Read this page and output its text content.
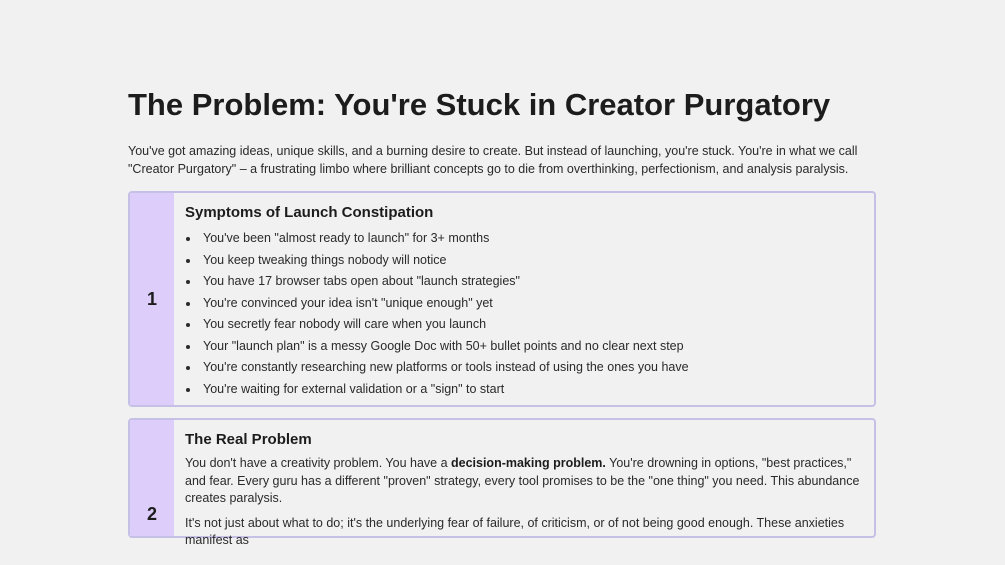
The Problem: You're Stuck in Creator Purgatory

You've got amazing ideas, unique skills, and a burning desire to create. But instead of launching, you're stuck. You're in what we call "Creator Purgatory" – a frustrating limbo where brilliant concepts go to die from overthinking, perfectionism, and analysis paralysis.

1
Symptoms of Launch Constipation
You've been "almost ready to launch" for 3+ months
You keep tweaking things nobody will notice
You have 17 browser tabs open about "launch strategies"
You're convinced your idea isn't "unique enough" yet
You secretly fear nobody will care when you launch
Your "launch plan" is a messy Google Doc with 50+ bullet points and no clear next step
You're constantly researching new platforms or tools instead of using the ones you have
You're waiting for external validation or a "sign" to start
2
The Real Problem

You don't have a creativity problem. You have a decision-making problem. You're drowning in options, "best practices," and fear. Every guru has a different "proven" strategy, every tool promises to be the "one thing" you need. This abundance creates paralysis.

It's not just about what to do; it's the underlying fear of failure, of criticism, or of not being good enough. These anxieties manifest as
